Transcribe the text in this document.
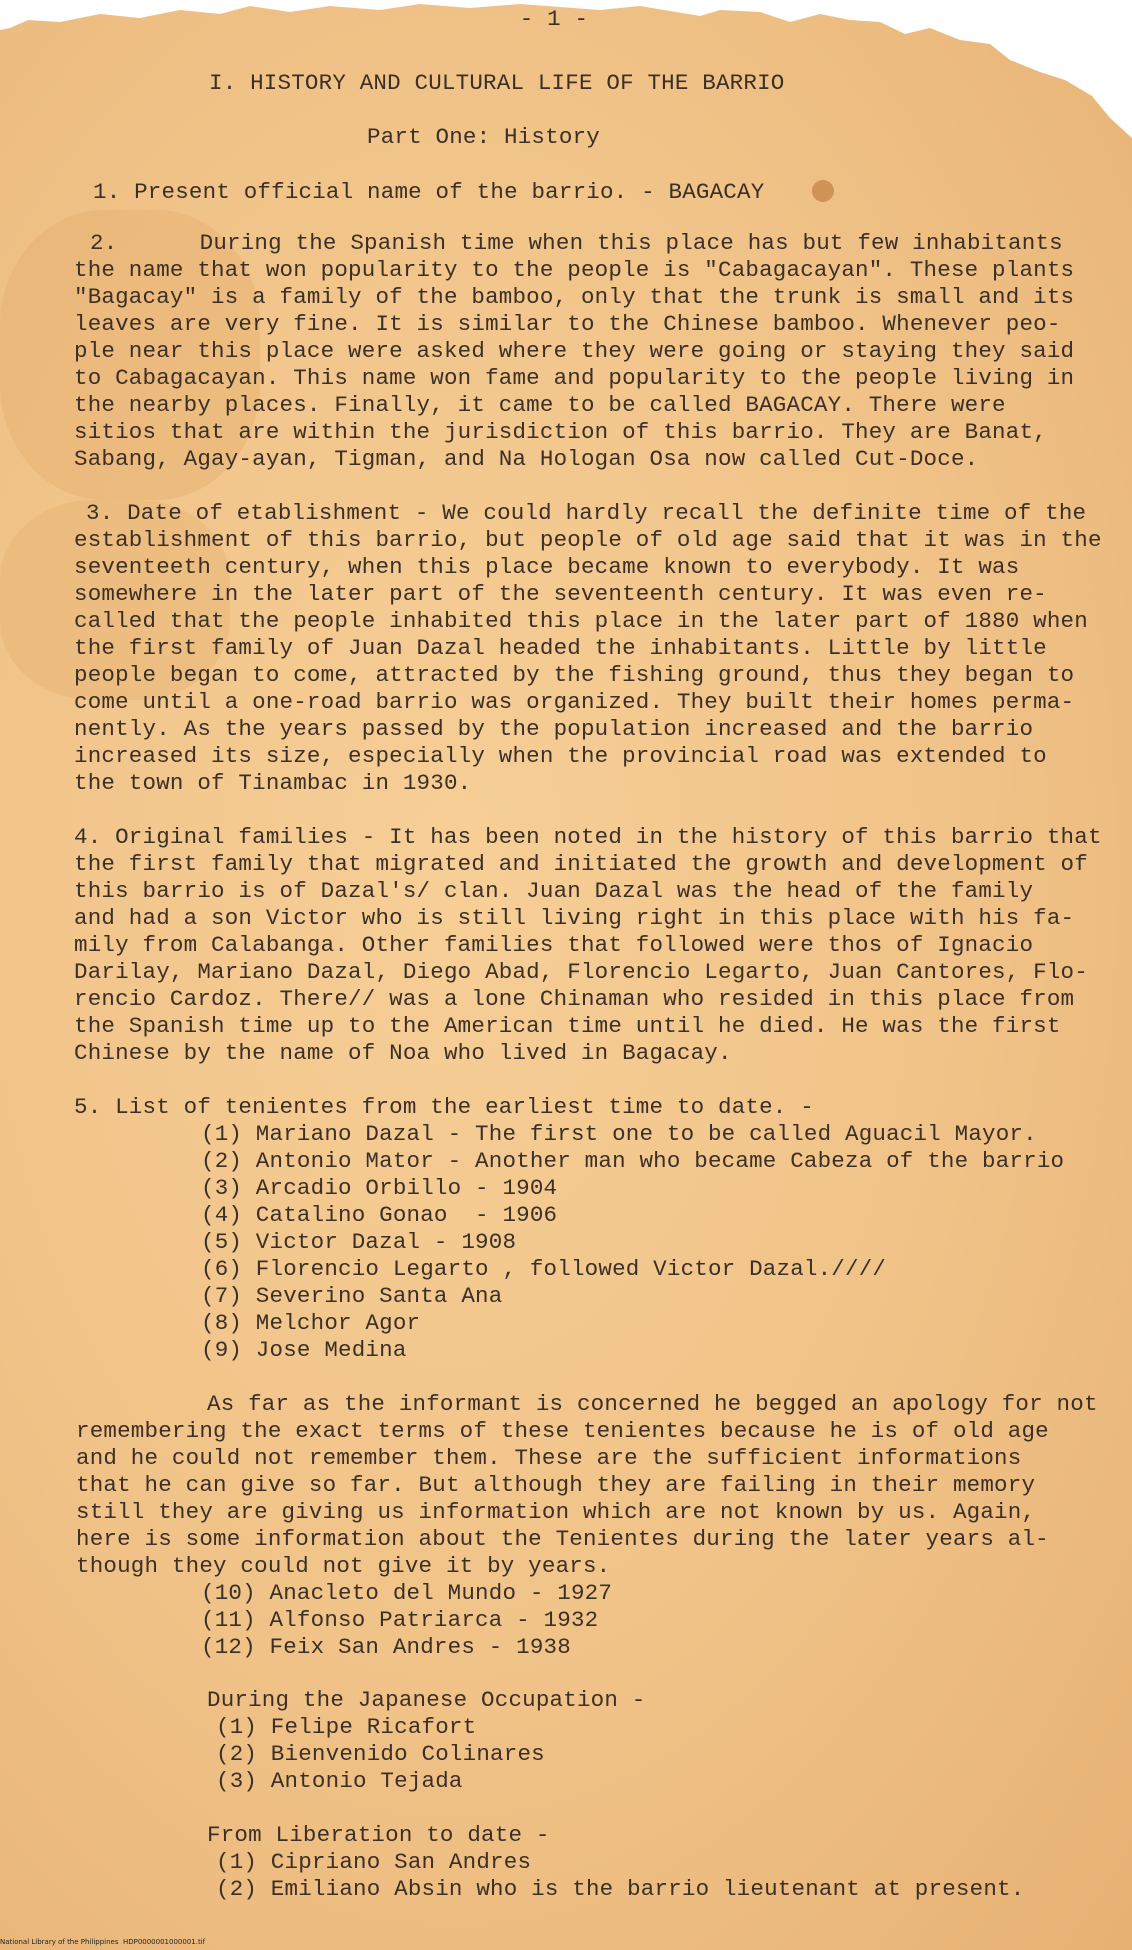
- 1 -
I. HISTORY AND CULTURAL LIFE OF THE BARRIO
Part One: History
1. Present official name of the barrio. - BAGACAY
2.      During the Spanish time when this place has but few inhabitants
the name that won popularity to the people is "Cabagacayan". These plants
"Bagacay" is a family of the bamboo, only that the trunk is small and its
leaves are very fine. It is similar to the Chinese bamboo. Whenever peo-
ple near this place were asked where they were going or staying they said
to Cabagacayan. This name won fame and popularity to the people living in
the nearby places. Finally, it came to be called BAGACAY. There were
sitios that are within the jurisdiction of this barrio. They are Banat,
Sabang, Agay-ayan, Tigman, and Na Hologan Osa now called Cut-Doce.
3. Date of etablishment - We could hardly recall the definite time of the
establishment of this barrio, but people of old age said that it was in the
seventeeth century, when this place became known to everybody. It was
somewhere in the later part of the seventeenth century. It was even re-
called that the people inhabited this place in the later part of 1880 when
the first family of Juan Dazal headed the inhabitants. Little by little
people began to come, attracted by the fishing ground, thus they began to
come until a one-road barrio was organized. They built their homes perma-
nently. As the years passed by the population increased and the barrio
increased its size, especially when the provincial road was extended to
the town of Tinambac in 1930.
4. Original families - It has been noted in the history of this barrio that
the first family that migrated and initiated the growth and development of
this barrio is of Dazal's/ clan. Juan Dazal was the head of the family
and had a son Victor who is still living right in this place with his fa-
mily from Calabanga. Other families that followed were thos of Ignacio
Darilay, Mariano Dazal, Diego Abad, Florencio Legarto, Juan Cantores, Flo-
rencio Cardoz. There// was a lone Chinaman who resided in this place from
the Spanish time up to the American time until he died. He was the first
Chinese by the name of Noa who lived in Bagacay.
5. List of tenientes from the earliest time to date. -
(1) Mariano Dazal - The first one to be called Aguacil Mayor.
(2) Antonio Mator - Another man who became Cabeza of the barrio
(3) Arcadio Orbillo - 1904
(4) Catalino Gonao  - 1906
(5) Victor Dazal - 1908
(6) Florencio Legarto , followed Victor Dazal.////
(7) Severino Santa Ana
(8) Melchor Agor
(9) Jose Medina
As far as the informant is concerned he begged an apology for not
remembering the exact terms of these tenientes because he is of old age
and he could not remember them. These are the sufficient informations
that he can give so far. But although they are failing in their memory
still they are giving us information which are not known by us. Again,
here is some information about the Tenientes during the later years al-
though they could not give it by years.
(10) Anacleto del Mundo - 1927
(11) Alfonso Patriarca - 1932
(12) Feix San Andres - 1938
During the Japanese Occupation -
(1) Felipe Ricafort
(2) Bienvenido Colinares
(3) Antonio Tejada
From Liberation to date -
(1) Cipriano San Andres
(2) Emiliano Absin who is the barrio lieutenant at present.
National Library of the Philippines  HDP0000001000001.tif
